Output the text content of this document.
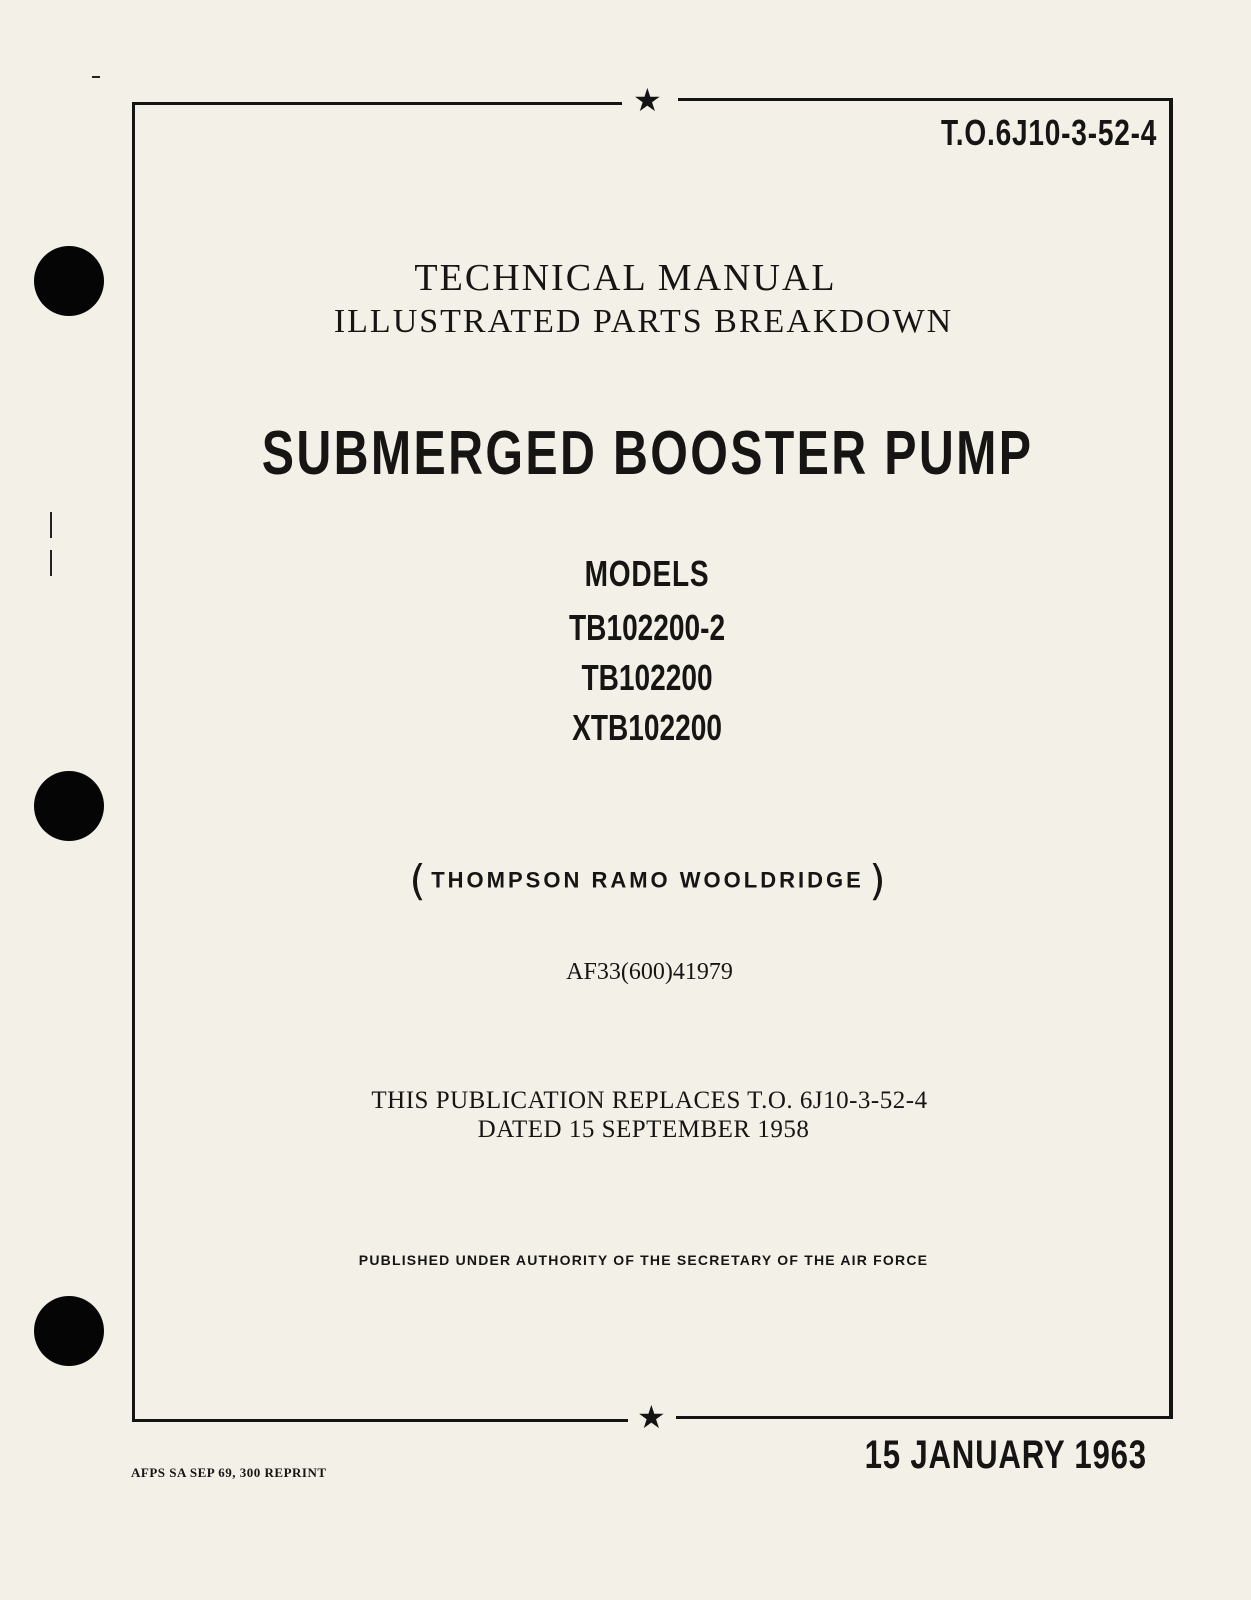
★
★
T.O.6J10-3-52-4
TECHNICAL MANUAL
ILLUSTRATED PARTS BREAKDOWN
SUBMERGED BOOSTER PUMP
MODELS
TB102200-2
TB102200
XTB102200
( THOMPSON RAMO WOOLDRIDGE )
AF33(600)41979
THIS PUBLICATION REPLACES T.O. 6J10-3-52-4
DATED 15 SEPTEMBER 1958
PUBLISHED UNDER AUTHORITY OF THE SECRETARY OF THE AIR FORCE
15 JANUARY 1963
AFPS SA SEP 69, 300 REPRINT
